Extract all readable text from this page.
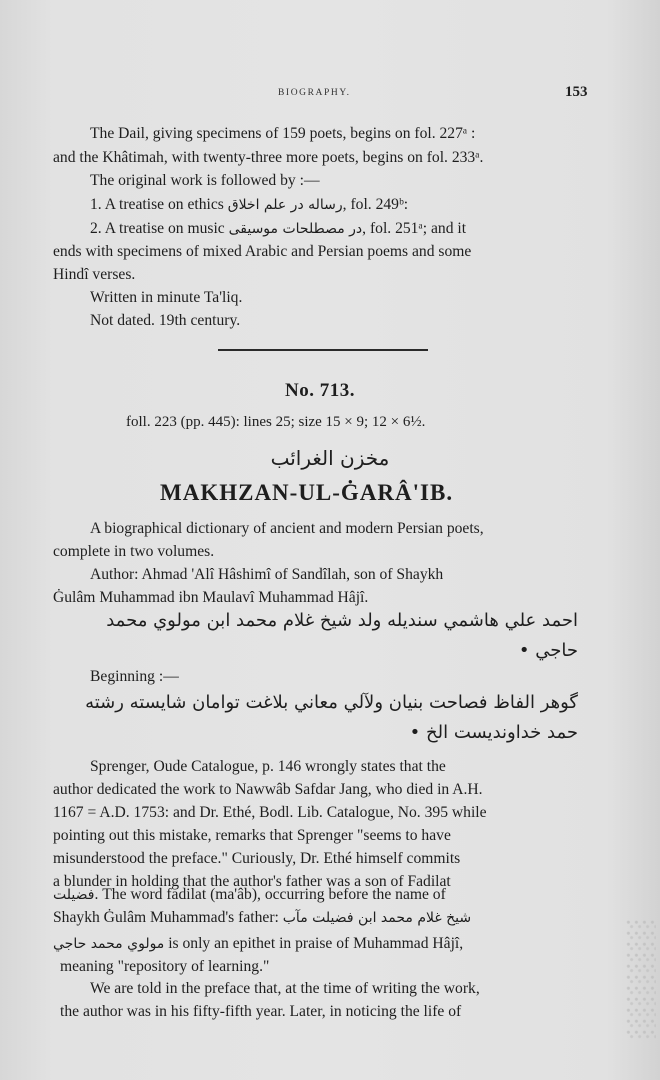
BIOGRAPHY.	153
The Dail, giving specimens of 159 poets, begins on fol. 227ᵃ :
and the Khâtimah, with twenty-three more poets, begins on fol. 233ᵃ.
The original work is followed by :—
1. A treatise on ethics رساله در علم اخلاق, fol. 249ᵇ:
2. A treatise on music در مصطلحات موسیقی, fol. 251ᵃ; and it
ends with specimens of mixed Arabic and Persian poems and some
Hindî verses.
Written in minute Ta'liq.
Not dated. 19th century.
No. 713.
foll. 223 (pp. 445): lines 25; size 15 × 9; 12 × 6½.
مخزن الغرائب
MAKHZAN-UL-ĠARÂ'IB.
A biographical dictionary of ancient and modern Persian poets,
complete in two volumes.
Author: Ahmad 'Alî Hâshimî of Sandîlah, son of Shaykh
Ġulâm Muhammad ibn Maulavî Muhammad Hâjî.
احمد علي هاشمي سنديله ولد شيخ غلام محمد ابن مولوي محمد
حاجي •
Beginning :—
گوهر الفاظ فصاحت بنيان ولآلي معاني بلاغت توامان شايسته رشته
حمد خداونديست الخ •
Sprenger, Oude Catalogue, p. 146 wrongly states that the
author dedicated the work to Nawwâb Safdar Jang, who died in A.H.
1167 = A.D. 1753: and Dr. Ethé, Bodl. Lib. Catalogue, No. 395 while
pointing out this mistake, remarks that Sprenger "seems to have
misunderstood the preface." Curiously, Dr. Ethé himself commits
a blunder in holding that the author's father was a son of Fadilat
فضيلت. The word fadilat (ma'âb), occurring before the name of
Shaykh Ġulâm Muhammad's father: شيخ غلام محمد ابن فضيلت مآب
مولوي محمد حاجي is only an epithet in praise of Muhammad Hâjî,
meaning "repository of learning."
We are told in the preface that, at the time of writing the work,
the author was in his fifty-fifth year. Later, in noticing the life of
